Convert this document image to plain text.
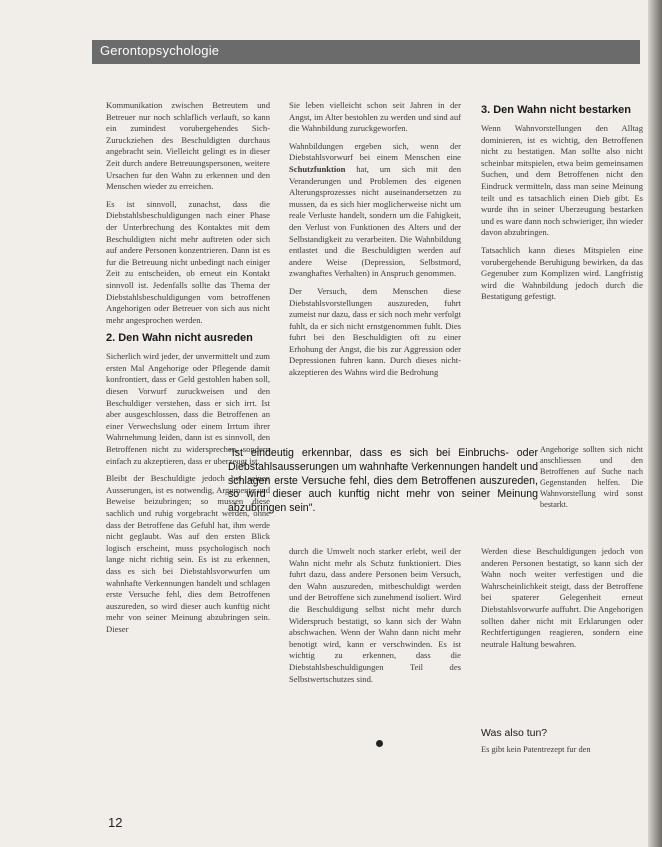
Gerontopsychologie

Kommunikation zwischen Betreutem und Betreuer nur noch schlaflich verlauft, so kann ein zumindest vorubergehendes Sich-Zuruckziehen des Beschuldigten durchaus angebracht sein. Vielleicht gelingt es in dieser Zeit durch andere Betreuungspersonen, weitere Ursachen fur den Wahn zu erkennen und den Menschen wieder zu erreichen.

Es ist sinnvoll, zunachst, dass die Diebstahlsbeschuldigungen nach einer Phase der Unterbrechung des Kontaktes mit dem Beschuldigten nicht mehr auftreten oder sich auf andere Personen konzentrieren. Dann ist es fur die Betreuung nicht unbedingt nach einiger Zeit zu entscheiden, ob erneut ein Kontakt sinnvoll ist. Jedenfalls sollte das Thema der Diebstahlsbeschuldigungen vom betroffenen Angehorigen oder Betreuer von sich aus nicht mehr angesprochen werden.

2. Den Wahn nicht ausreden

Sicherlich wird jeder, der unvermittelt und zum ersten Mal Angehorige oder Pflegende damit konfrontiert, dass er Geld gestohlen haben soll, diesen Vorwurf zuruckweisen und den Beschuldiger verstehen, dass er sich irrt. Ist aber ausgeschlossen, dass die Betroffenen an einer Verwechslung oder einem Irrtum ihrer Wahrnehmung leiden, dann ist es sinnvoll, den Betroffenen nicht zu widersprechen, sondern einfach zu akzeptieren, dass er uberzeugt ist.

Bleibt der Beschuldigte jedoch bei seinen Ausserungen, ist es notwendig, Argumente und Beweise beizubringen; so mussen diese sachlich und ruhig vorgebracht werden, ohne dass der Betroffene das Gefuhl hat, ihm werde nicht geglaubt. Was auf den ersten Blick logisch erscheint, muss psychologisch noch lange nicht richtig sein. Es ist zu erkennen, dass es sich bei Diebstahlsvorwurfen um wahnhafte Verkennungen handelt und schlagen erste Versuche fehl, dies dem Betroffenen auszureden, so wird dieser auch kunftig nicht mehr von seiner Meinung abzubringen sein. Dieser

Sie leben vielleicht schon seit Jahren in der Angst, im Alter bestohlen zu werden und sind auf die Wahnbildung zuruckgeworfen.

Wahnbildungen ergeben sich, wenn der Diebstahlsvorwurf bei einem Menschen eine Schutzfunktion hat, um sich mit den Veranderungen und Problemen des eigenen Alterungsprozesses nicht auseinandersetzen zu mussen, da es sich hier moglicherweise nicht um reale Verluste handelt, sondern um die Fahigkeit, den Verlust von Funktionen des Alters und der Selbstandigkeit zu verarbeiten. Die Wahnbildung entlastet und die Beschuldigten werden auf andere Weise (Depression, Selbstmord, zwanghaftes Verhalten) in Anspruch genommen.

Der Versuch, dem Menschen diese Diebstahlsvorstellungen auszureden, fuhrt zumeist nur dazu, dass er sich noch mehr verfolgt fuhlt, da er sich nicht ernstgenommen fuhlt. Dies fuhrt bei den Beschuldigten oft zu einer Erhohung der Angst, die bis zur Aggression oder Depressionen fuhren kann. Durch dieses nicht-akzeptieren des Wahns wird die Bedrohung

3. Den Wahn nicht bestarken

Wenn Wahnvorstellungen den Alltag dominieren, ist es wichtig, den Betroffenen nicht zu bestatigen. Man sollte also nicht scheinbar mitspielen, etwa beim gemeinsamen Suchen, und dem Betroffenen nicht den Eindruck vermitteln, dass man seine Meinung teilt und es tatsachlich einen Dieb gibt. Es wurde ihn in seiner Uberzeugung bestarken und es ware dann noch schwieriger, ihn wieder davon abzubringen.

Tatsachlich kann dieses Mitspielen eine vorubergehende Beruhigung bewirken, da das Gegenuber zum Komplizen wird. Langfristig wird die Wahnbildung jedoch durch die Bestatigung gefestigt.

"Ist eindeutig erkennbar, dass es sich bei Einbruchs- oder Diebstahlsausserungen um wahnhafte Verkennungen handelt und schlagen erste Versuche fehl, dies dem Betroffenen auszureden, so wird dieser auch kunftig nicht mehr von seiner Meinung abzubringen sein".

Angehorige sollten sich nicht anschliessen und den Betroffenen auf Suche nach Gegenstanden helfen. Die Wahnvorstellung wird sonst bestarkt.

durch die Umwelt noch starker erlebt, weil der Wahn nicht mehr als Schutz funktioniert. Dies fuhrt dazu, dass andere Personen beim Versuch, den Wahn auszureden, mitbeschuldigt werden und der Betroffene sich zunehmend isoliert. Wird die Beschuldigung selbst nicht mehr durch Widerspruch bestatigt, so kann sich der Wahn abschwachen. Wenn der Wahn dann nicht mehr benotigt wird, kann er verschwinden. Es ist wichtig zu erkennen, dass die Diebstahlsbeschuldigungen Teil des Selbstwertschutzes sind.

Werden diese Beschuldigungen jedoch von anderen Personen bestatigt, so kann sich der Wahn noch weiter verfestigen und die Wahrscheinlichkeit steigt, dass der Betroffene bei spaterer Gelegenheit erneut Diebstahlsvorwurfe auffuhrt. Die Angehorigen sollten daher nicht mit Erklarungen oder Rechtfertigungen reagieren, sondern eine neutrale Haltung bewahren.

Was also tun?
Es gibt kein Patentrezept fur den
12
